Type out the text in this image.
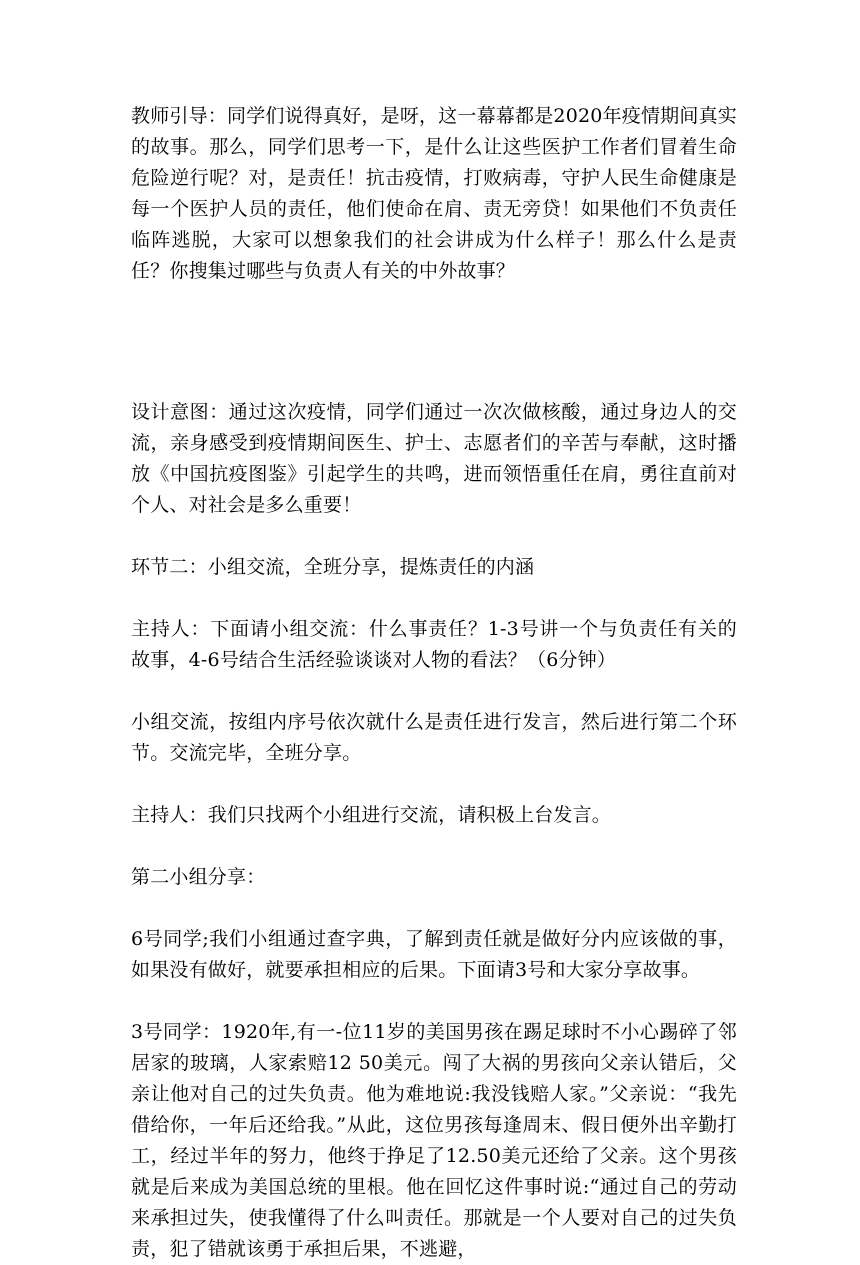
教师引导：同学们说得真好，是呀，这一幕幕都是2020年疫情期间真实的故事。那么，同学们思考一下，是什么让这些医护工作者们冒着生命危险逆行呢？对，是责任！抗击疫情，打败病毒，守护人民生命健康是每一个医护人员的责任，他们使命在肩、责无旁贷！如果他们不负责任临阵逃脱，大家可以想象我们的社会讲成为什么样子！那么什么是责任？你搜集过哪些与负责人有关的中外故事？

设计意图：通过这次疫情，同学们通过一次次做核酸，通过身边人的交流，亲身感受到疫情期间医生、护士、志愿者们的辛苦与奉献，这时播放《中国抗疫图鉴》引起学生的共鸣，进而领悟重任在肩，勇往直前对个人、对社会是多么重要！

环节二：小组交流，全班分享，提炼责任的内涵

主持人：下面请小组交流：什么事责任？1-3号讲一个与负责任有关的故事，4-6号结合生活经验谈谈对人物的看法？（6分钟）

小组交流，按组内序号依次就什么是责任进行发言，然后进行第二个环节。交流完毕，全班分享。

主持人：我们只找两个小组进行交流，请积极上台发言。

第二小组分享：

6号同学;我们小组通过查字典，了解到责任就是做好分内应该做的事，如果没有做好，就要承担相应的后果。下面请3号和大家分享故事。

3号同学：1920年,有一-位11岁的美国男孩在踢足球时不小心踢碎了邻居家的玻璃，人家索赔12 50美元。闯了大祸的男孩向父亲认错后，父亲让他对自己的过失负责。他为难地说:我没钱赔人家。”父亲说：“我先借给你，一年后还给我。”从此，这位男孩每逢周末、假日便外出辛勤打工，经过半年的努力，他终于挣足了12.50美元还给了父亲。这个男孩就是后来成为美国总统的里根。他在回忆这件事时说:“通过自己的劳动来承担过失，使我懂得了什么叫责任。那就是一个人要对自己的过失负责，犯了错就该勇于承担后果，不逃避，
